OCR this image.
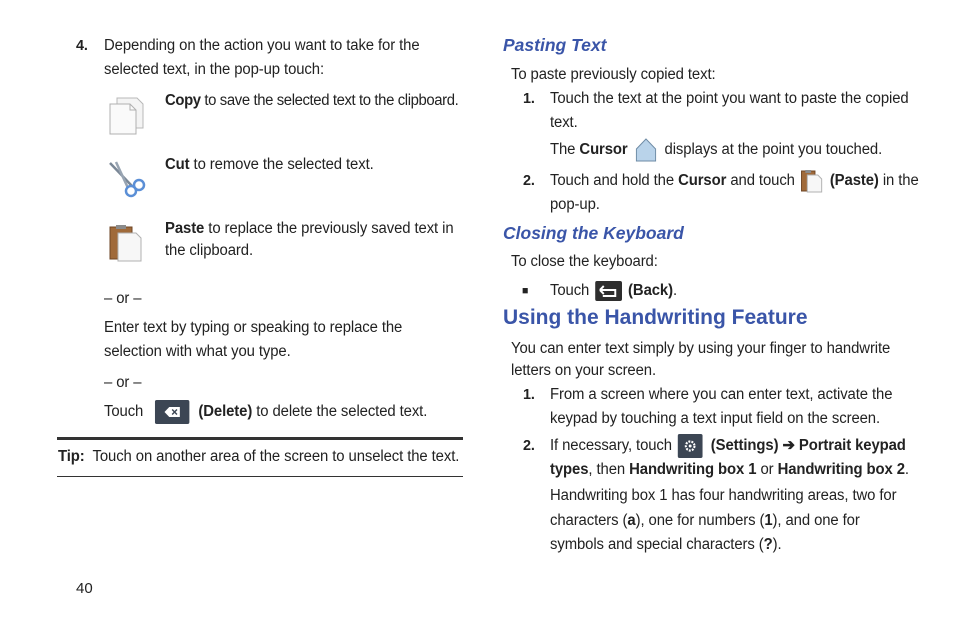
4. Depending on the action you want to take for the
selected text, in the pop-up touch:
Copy to save the selected text to the clipboard.
Cut to remove the selected text.
Paste to replace the previously saved text in
the clipboard.
– or –
Enter text by typing or speaking to replace the
selection with what you type.
– or –
Touch	(Delete) to delete the selected text.
Tip: Touch on another area of the screen to unselect the text.
40
Pasting Text
To paste previously copied text:
1. Touch the text at the point you want to paste the copied
text.
The Cursor displays at the point you touched.
2. Touch and hold the Cursor and touch (Paste) in the
pop-up.
Closing the Keyboard
To close the keyboard:
■ Touch	(Back).
Using the Handwriting Feature
You can enter text simply by using your finger to handwrite
letters on your screen.
1. From a screen where you can enter text, activate the
keypad by touching a text input field on the screen.
2. If necessary, touch	(Settings) ➔ Portrait keypad
types, then Handwriting box 1 or Handwriting box 2.
Handwriting box 1 has four handwriting areas, two for
characters (a), one for numbers (1), and one for
symbols and special characters (?).
